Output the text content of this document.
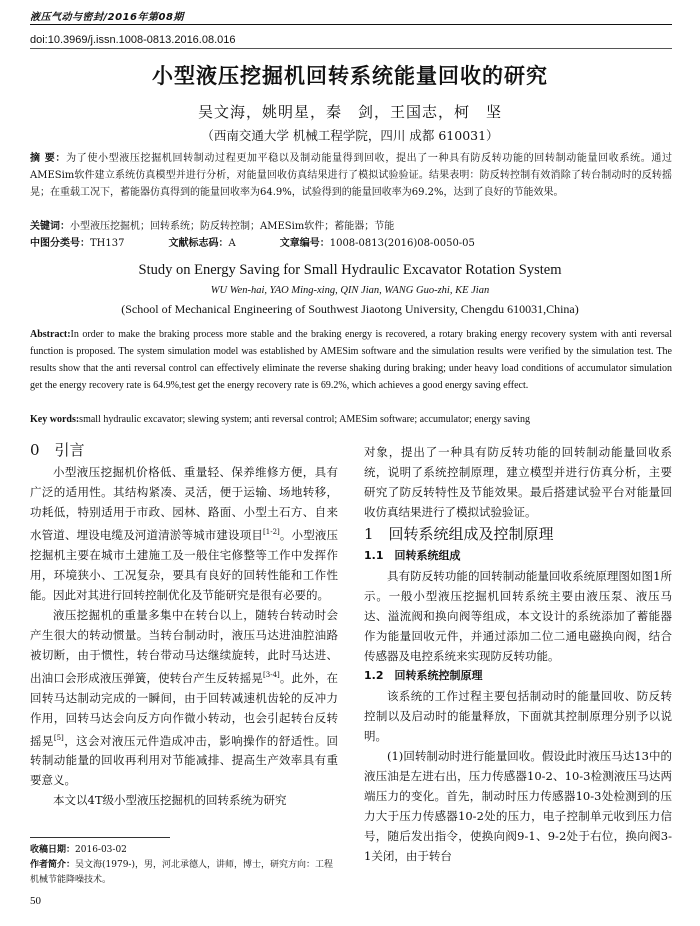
液压气动与密封/2016年第08期
doi:10.3969/j.issn.1008-0813.2016.08.016
小型液压挖掘机回转系统能量回收的研究
吴文海，姚明星，秦　剑，王国志，柯　坚
（西南交通大学 机械工程学院，四川 成都 610031）
摘 要：为了使小型液压挖掘机回转制动过程更加平稳以及制动能量得到回收，提出了一种具有防反转功能的回转制动能量回收系统。通过AMESim软件建立系统仿真模型并进行分析，对能量回收仿真结果进行了模拟试验验证。结果表明：防反转控制有效消除了转台制动时的反转摇晃；在重载工况下，蓄能器仿真得到的能量回收率为64.9%，试验得到的能量回收率为69.2%，达到了良好的节能效果。
关键词：小型液压挖掘机；回转系统；防反转控制；AMESim软件；蓄能器；节能
中图分类号：TH137	文献标志码：A	文章编号：1008-0813(2016)08-0050-05
Study on Energy Saving for Small Hydraulic Excavator Rotation System
WU Wen-hai, YAO Ming-xing, QIN Jian, WANG Guo-zhi, KE Jian
(School of Mechanical Engineering of Southwest Jiaotong University, Chengdu 610031,China)
Abstract:In order to make the braking process more stable and the braking energy is recovered, a rotary braking energy recovery system with anti reversal function is proposed. The system simulation model was established by AMESim software and the simulation results were verified by the simulation test. The results show that the anti reversal control can effectively eliminate the reverse shaking during braking; under heavy load conditions of accumulator simulation get the energy recovery rate is 64.9%,test get the energy recovery rate is 69.2%, which achieves a good energy saving effect.
Key words:small hydraulic excavator; slewing system; anti reversal control; AMESim software; accumulator; energy saving

0　引言

小型液压挖掘机价格低、重量轻、保养维修方便，具有广泛的适用性。其结构紧凑、灵活，便于运输、场地转移，功耗低，特别适用于市政、园林、路面、小型土石方、自来水管道、埋设电缆及河道清淤等城市建设项目[1-2]。小型液压挖掘机主要在城市土建施工及一般住宅修整等工作中发挥作用，环境狭小、工况复杂，要具有良好的回转性能和工作性能。因此对其进行回转控制优化及节能研究是很有必要的。

液压挖掘机的重量多集中在转台以上，随转台转动时会产生很大的转动惯量。当转台制动时，液压马达进油腔油路被切断，由于惯性，转台带动马达继续旋转，此时马达进、出油口会形成液压弹簧，使转台产生反转摇晃[3-4]。此外，在回转马达制动完成的一瞬间，由于回转减速机齿轮的反冲力作用，回转马达会向反方向作微小转动，也会引起转台反转摇晃[5]，这会对液压元件造成冲击，影响操作的舒适性。回转制动能量的回收再利用对节能减排、提高生产效率具有重要意义。

本文以4T级小型液压挖掘机的回转系统为研究

对象，提出了一种具有防反转功能的回转制动能量回收系统，说明了系统控制原理，建立模型并进行仿真分析，主要研究了防反转特性及节能效果。最后搭建试验平台对能量回收仿真结果进行了模拟试验验证。

1　回转系统组成及控制原理

1.1　回转系统组成

具有防反转功能的回转制动能量回收系统原理图如图1所示。一般小型液压挖掘机回转系统主要由液压泵、液压马达、溢流阀和换向阀等组成，本文设计的系统添加了蓄能器作为能量回收元件，并通过添加二位二通电磁换向阀，结合传感器及电控系统来实现防反转功能。

1.2　回转系统控制原理

该系统的工作过程主要包括制动时的能量回收、防反转控制以及启动时的能量释放，下面就其控制原理分别予以说明。

(1)回转制动时进行能量回收。假设此时液压马达13中的液压油是左进右出，压力传感器10-2、10-3检测液压马达两端压力的变化。首先，制动时压力传感器10-3处检测到的压力大于压力传感器10-2处的压力，电子控制单元收到压力信号，随后发出指令，使换向阀9-1、9-2处于右位，换向阀3-1关闭，由于转台

收稿日期：2016-03-02
作者简介：吴文海(1979-)，男，河北承德人，讲师，博士，研究方向：工程机械节能降噪技术。
50
